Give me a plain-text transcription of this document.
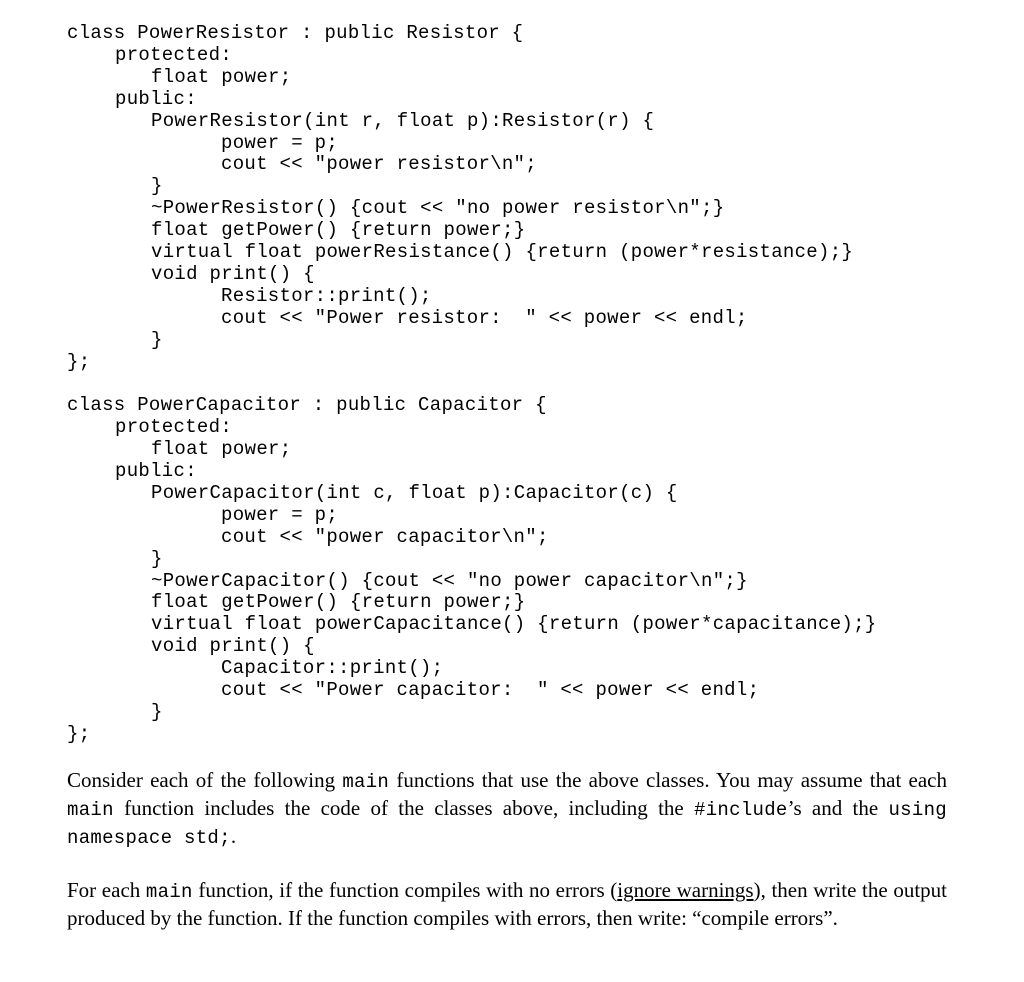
class PowerResistor : public Resistor {
protected:
float power;
public:
PowerResistor(int r, float p):Resistor(r) {
power = p;
cout << "power resistor\n";
}
~PowerResistor() {cout << "no power resistor\n";}
float getPower() {return power;}
virtual float powerResistance() {return (power*resistance);}
void print() {
Resistor::print();
cout << "Power resistor:  " << power << endl;
}
};
class PowerCapacitor : public Capacitor {
protected:
float power;
public:
PowerCapacitor(int c, float p):Capacitor(c) {
power = p;
cout << "power capacitor\n";
}
~PowerCapacitor() {cout << "no power capacitor\n";}
float getPower() {return power;}
virtual float powerCapacitance() {return (power*capacitance);}
void print() {
Capacitor::print();
cout << "Power capacitor:  " << power << endl;
}
};
Consider each of the following main functions that use the above classes. You may assume that each main function includes the code of the classes above, including the #include’s and the using namespace std;.
For each main function, if the function compiles with no errors (ignore warnings), then write the output produced by the function. If the function compiles with errors, then write: “compile errors”.
